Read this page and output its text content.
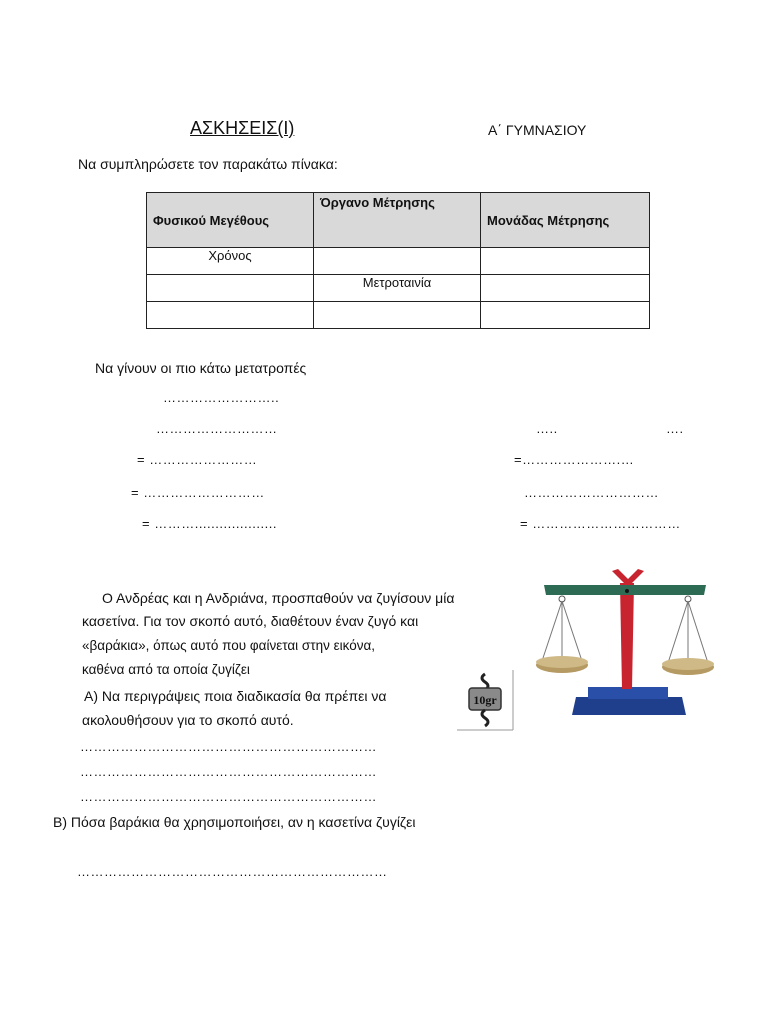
ΑΣΚΗΣΕΙΣ(Ι)	Α΄ ΓΥΜΝΑΣΙΟΥ
Να συμπληρώσετε τον παρακάτω πίνακα:
Φυσικού Μεγέθους	Όργανο Μέτρησης	Μονάδας Μέτρησης
Χρόνος		
	Μετροταινία	

Να γίνουν οι πιο κάτω μετατροπές
……………………..
………………………
= ……………………
= ………………………
= ………....................
…..	….
=………………….…
…………………………
= ……………………………
Ο Ανδρέας και η Ανδριάνα, προσπαθούν να ζυγίσουν μία
κασετίνα. Για τον σκοπό αυτό, διαθέτουν έναν ζυγό και
«βαράκια», όπως αυτό που φαίνεται στην εικόνα,
καθένα από τα οποία ζυγίζει
Α) Να περιγράψεις ποια διαδικασία θα πρέπει να
ακολουθήσουν για το σκοπό αυτό.
…………………………………………………………
…………………………………………………………
…………………………………………………………
Β) Πόσα βαράκια θα χρησιμοποιήσει, αν η κασετίνα ζυγίζει
……………………………………………………………
10gr
